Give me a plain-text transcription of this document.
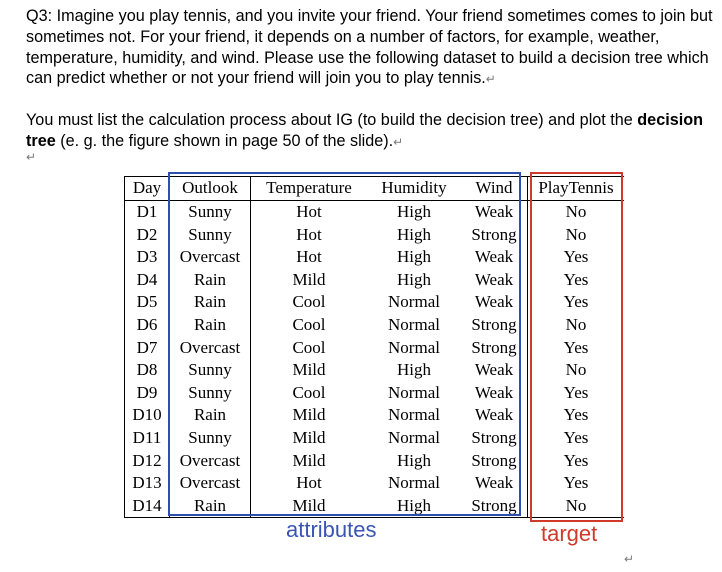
Q3: Imagine you play tennis, and you invite your friend. Your friend sometimes comes to join but sometimes not. For your friend, it depends on a number of factors, for example, weather, temperature, humidity, and wind. Please use the following dataset to build a decision tree which can predict whether or not your friend will join you to play tennis.↵
You must list the calculation process about IG (to build the decision tree) and plot the decision tree (e. g. the figure shown in page 50 of the slide).↵
↵
Day	Outlook	Temperature	Humidity	Wind	PlayTennis
D1	Sunny	Hot	High	Weak	No
D2	Sunny	Hot	High	Strong	No
D3	Overcast	Hot	High	Weak	Yes
D4	Rain	Mild	High	Weak	Yes
D5	Rain	Cool	Normal	Weak	Yes
D6	Rain	Cool	Normal	Strong	No
D7	Overcast	Cool	Normal	Strong	Yes
D8	Sunny	Mild	High	Weak	No
D9	Sunny	Cool	Normal	Weak	Yes
D10	Rain	Mild	Normal	Weak	Yes
D11	Sunny	Mild	Normal	Strong	Yes
D12	Overcast	Mild	High	Strong	Yes
D13	Overcast	Hot	Normal	Weak	Yes
D14	Rain	Mild	High	Strong	No
attributes	target
↵
